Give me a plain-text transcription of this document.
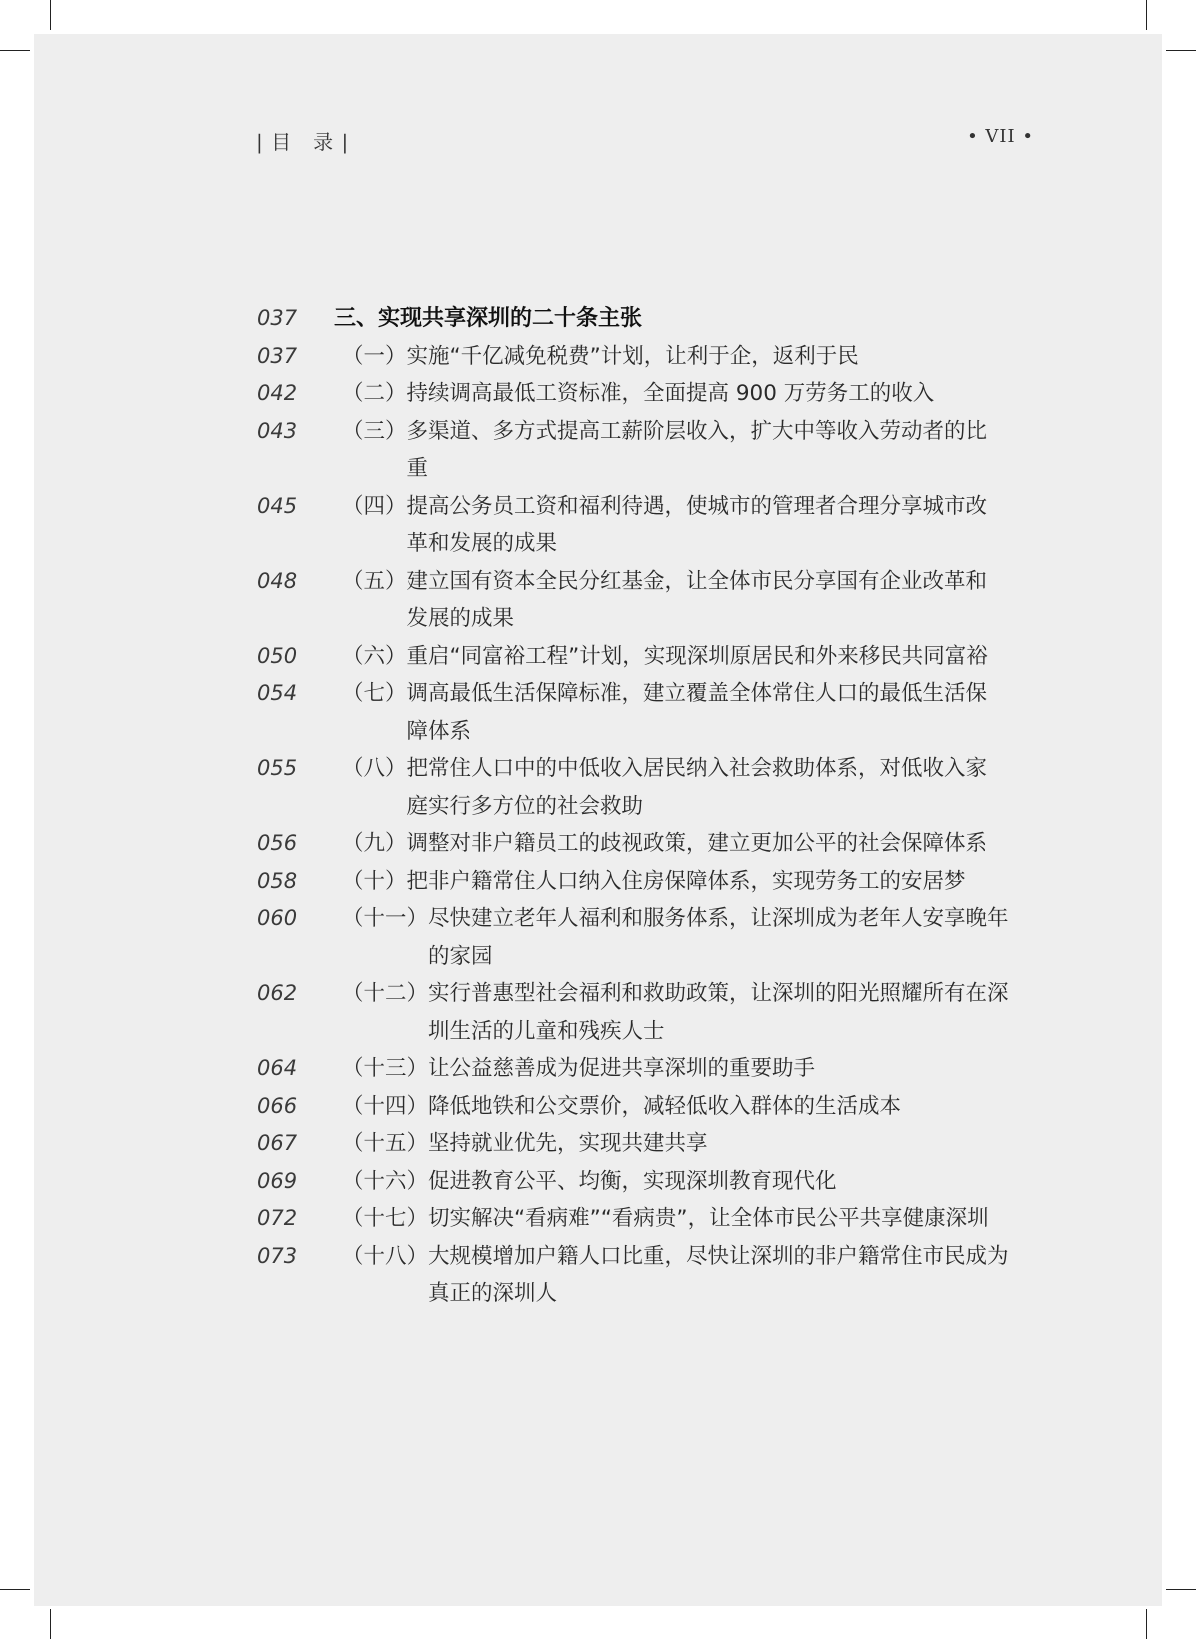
| 目　录 |	• VII •
037 三、实现共享深圳的二十条主张
037 （一） 实施“千亿减免税费”计划，让利于企，返利于民
042 （二） 持续调高最低工资标准，全面提高 900 万劳务工的收入
043 （三） 多渠道、多方式提高工薪阶层收入，扩大中等收入劳动者的比重
045 （四） 提高公务员工资和福利待遇，使城市的管理者合理分享城市改革和发展的成果
048 （五） 建立国有资本全民分红基金，让全体市民分享国有企业改革和发展的成果
050 （六） 重启“同富裕工程”计划，实现深圳原居民和外来移民共同富裕
054 （七） 调高最低生活保障标准，建立覆盖全体常住人口的最低生活保障体系
055 （八） 把常住人口中的中低收入居民纳入社会救助体系，对低收入家庭实行多方位的社会救助
056 （九） 调整对非户籍员工的歧视政策，建立更加公平的社会保障体系
058 （十） 把非户籍常住人口纳入住房保障体系，实现劳务工的安居梦
060 （十一） 尽快建立老年人福利和服务体系，让深圳成为老年人安享晚年的家园
062 （十二） 实行普惠型社会福利和救助政策，让深圳的阳光照耀所有在深圳生活的儿童和残疾人士
064 （十三） 让公益慈善成为促进共享深圳的重要助手
066 （十四） 降低地铁和公交票价，减轻低收入群体的生活成本
067 （十五） 坚持就业优先，实现共建共享
069 （十六） 促进教育公平、均衡，实现深圳教育现代化
072 （十七） 切实解决“看病难”“看病贵”，让全体市民公平共享健康深圳
073 （十八） 大规模增加户籍人口比重，尽快让深圳的非户籍常住市民成为真正的深圳人
